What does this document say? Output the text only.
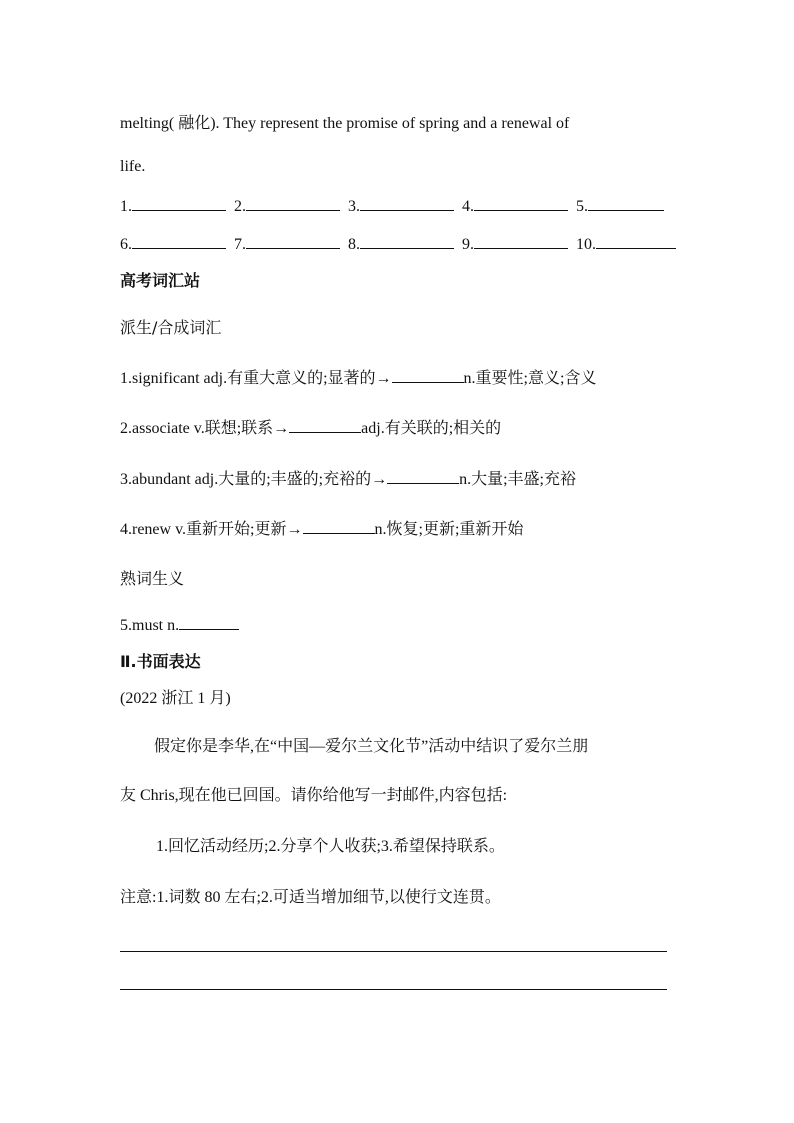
melting( 融化). They represent the promise of spring and a renewal of
life.
1.	2.	3.	4.	5.
6.	7.	8.	9.	10.
高考词汇站
派生/合成词汇
1.significant adj.有重大意义的;显著的→	n.重要性;意义;含义
2.associate v.联想;联系→	adj.有关联的;相关的
3.abundant adj.大量的;丰盛的;充裕的→	n.大量;丰盛;充裕
4.renew v.重新开始;更新→	n.恢复;更新;重新开始
熟词生义
5.must n.
Ⅱ.书面表达
(2022 浙江 1 月)
假定你是李华,在“中国—爱尔兰文化节”活动中结识了爱尔兰朋
友 Chris,现在他已回国。请你给他写一封邮件,内容包括:
1.回忆活动经历;2.分享个人收获;3.希望保持联系。
注意:1.词数 80 左右;2.可适当增加细节,以使行文连贯。
